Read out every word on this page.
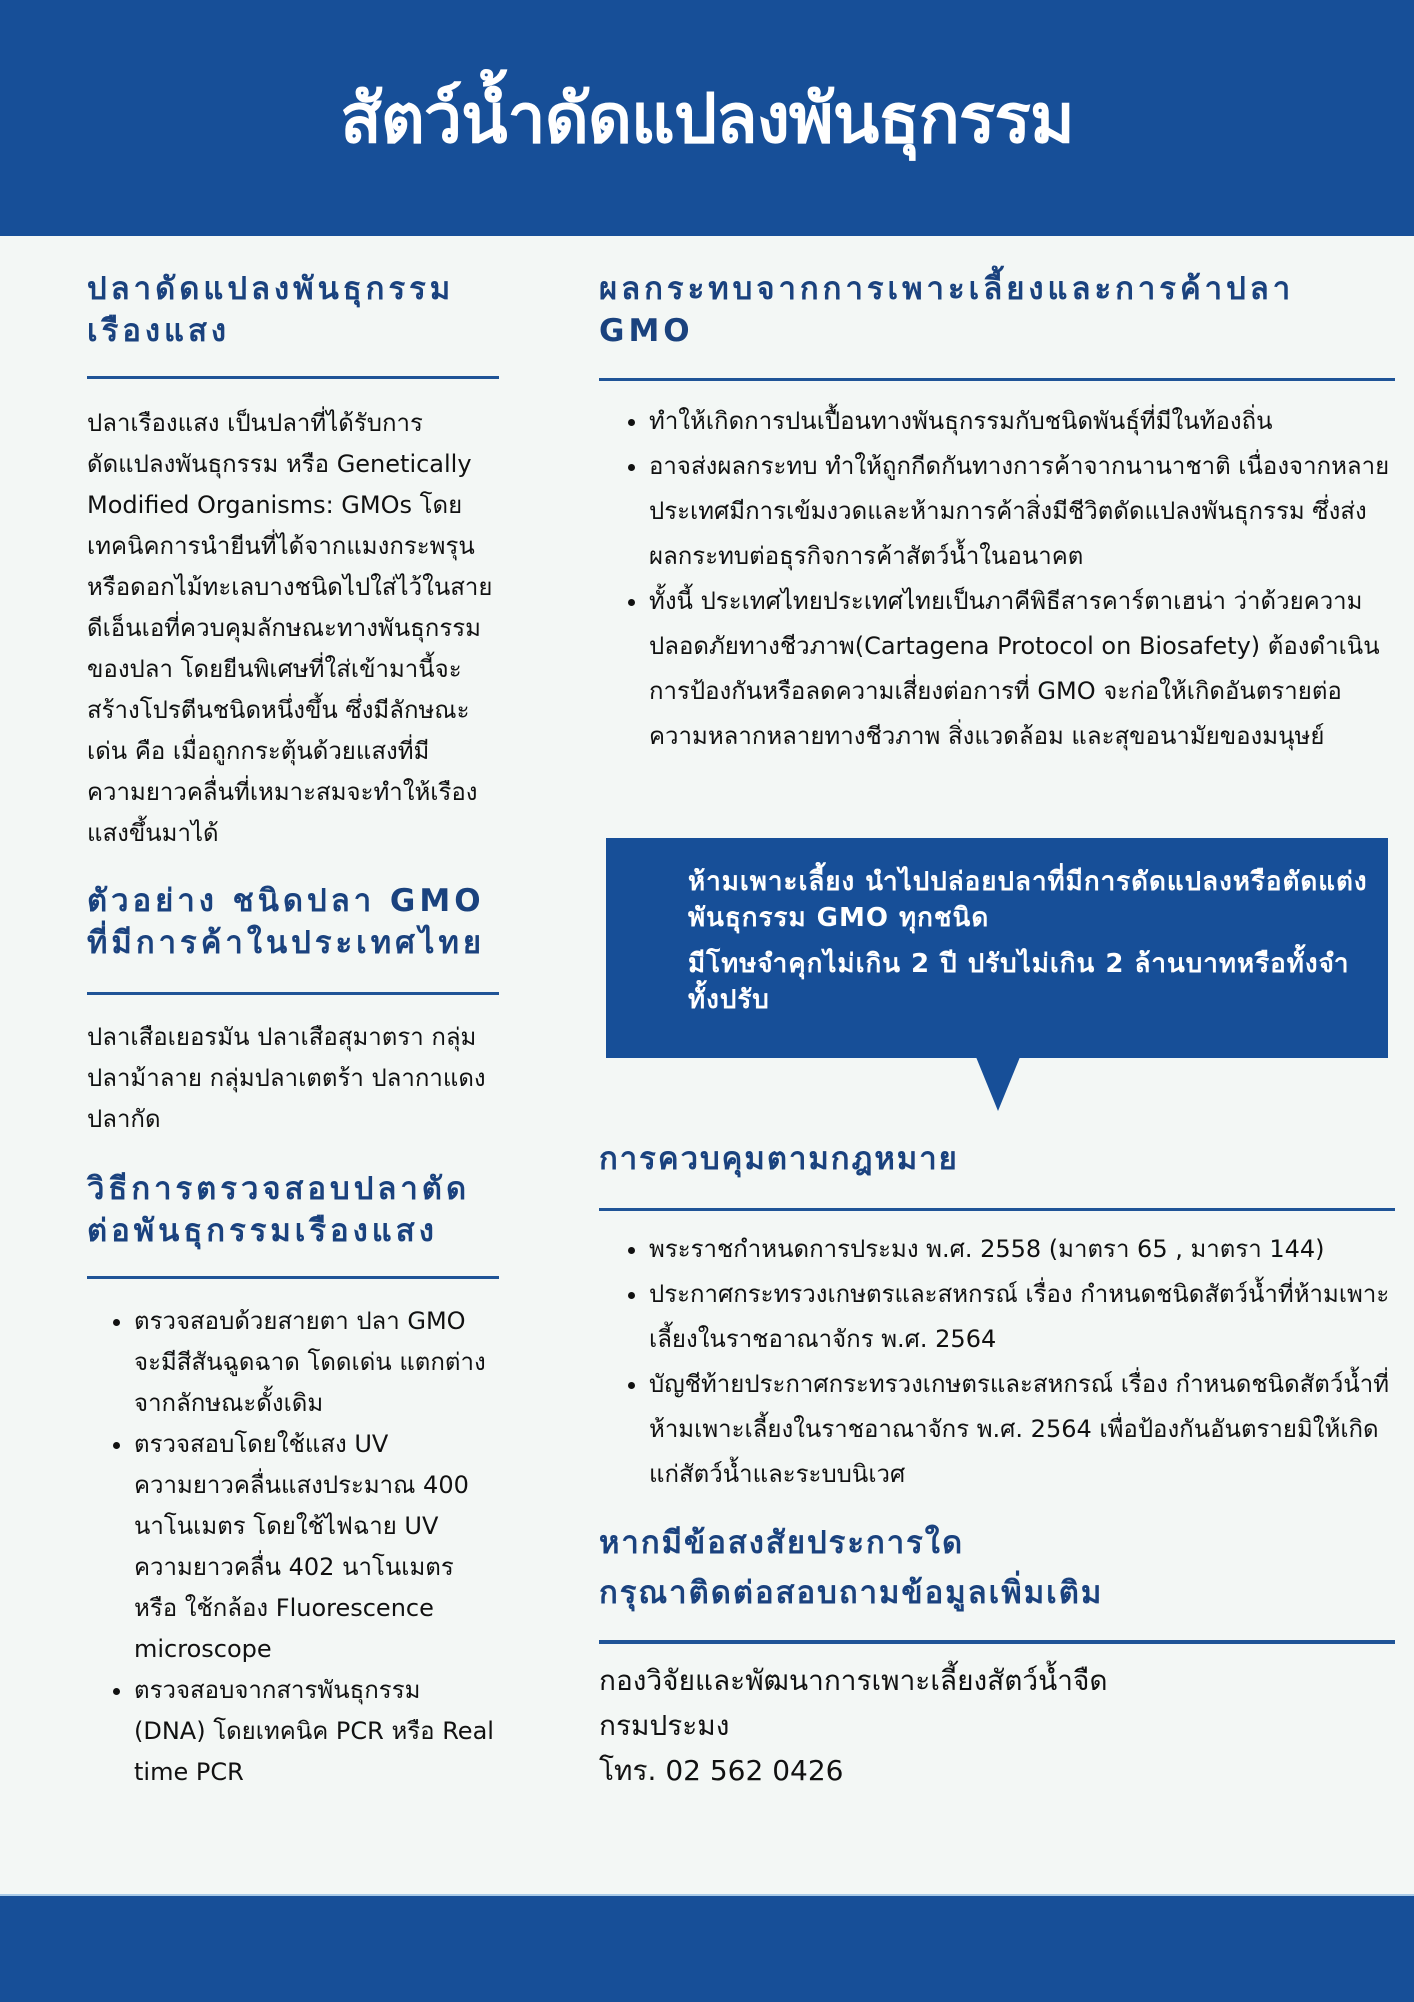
สัตว์น้ำดัดแปลงพันธุกรรม
ปลาดัดแปลงพันธุกรรม เรืองแสง

ปลาเรืองแสง เป็นปลาที่ได้รับการดัดแปลงพันธุกรรม หรือ Genetically Modified Organisms: GMOs โดยเทคนิคการนำยีนที่ได้จากแมงกระพรุนหรือดอกไม้ทะเลบางชนิดไปใส่ไว้ในสายดีเอ็นเอที่ควบคุมลักษณะทางพันธุกรรมของปลา โดยยีนพิเศษที่ใส่เข้ามานี้จะสร้างโปรตีนชนิดหนึ่งขึ้น ซึ่งมีลักษณะเด่น คือ เมื่อถูกกระตุ้นด้วยแสงที่มีความยาวคลื่นที่เหมาะสมจะทำให้เรืองแสงขึ้นมาได้

ตัวอย่าง ชนิดปลา GMO ที่มีการค้าในประเทศไทย

ปลาเสือเยอรมัน ปลาเสือสุมาตรา กลุ่มปลาม้าลาย กลุ่มปลาเตตร้า ปลากาแดง ปลากัด

วิธีการตรวจสอบปลาตัดต่อพันธุกรรมเรืองแสง
• ตรวจสอบด้วยสายตา ปลา GMO จะมีสีสันฉูดฉาด โดดเด่น แตกต่างจากลักษณะดั้งเดิม
• ตรวจสอบโดยใช้แสง UV ความยาวคลื่นแสงประมาณ 400 นาโนเมตร โดยใช้ไฟฉาย UV ความยาวคลื่น 402 นาโนเมตร หรือ ใช้กล้อง Fluorescence microscope
• ตรวจสอบจากสารพันธุกรรม (DNA) โดยเทคนิค PCR หรือ Real time PCR
ผลกระทบจากการเพาะเลี้ยงและการค้าปลา GMO
• ทำให้เกิดการปนเปื้อนทางพันธุกรรมกับชนิดพันธุ์ที่มีในท้องถิ่น
• อาจส่งผลกระทบ ทำให้ถูกกีดกันทางการค้าจากนานาชาติ เนื่องจากหลายประเทศมีการเข้มงวดและห้ามการค้าสิ่งมีชีวิตดัดแปลงพันธุกรรม ซึ่งส่งผลกระทบต่อธุรกิจการค้าสัตว์น้ำในอนาคต
• ทั้งนี้ ประเทศไทยประเทศไทยเป็นภาคีพิธีสารคาร์ตาเฮน่า ว่าด้วยความปลอดภัยทางชีวภาพ(Cartagena Protocol on Biosafety) ต้องดำเนินการป้องกันหรือลดความเสี่ยงต่อการที่ GMO จะก่อให้เกิดอันตรายต่อความหลากหลายทางชีวภาพ สิ่งแวดล้อม และสุขอนามัยของมนุษย์

ห้ามเพาะเลี้ยง นำไปปล่อยปลาที่มีการดัดแปลงหรือตัดแต่งพันธุกรรม GMO ทุกชนิด

มีโทษจำคุกไม่เกิน 2 ปี ปรับไม่เกิน 2 ล้านบาทหรือทั้งจำทั้งปรับ

การควบคุมตามกฎหมาย
• พระราชกำหนดการประมง พ.ศ. 2558 (มาตรา 65 , มาตรา 144)
• ประกาศกระทรวงเกษตรและสหกรณ์ เรื่อง กำหนดชนิดสัตว์น้ำที่ห้ามเพาะเลี้ยงในราชอาณาจักร พ.ศ. 2564
• บัญชีท้ายประกาศกระทรวงเกษตรและสหกรณ์ เรื่อง กำหนดชนิดสัตว์น้ำที่ห้ามเพาะเลี้ยงในราชอาณาจักร พ.ศ. 2564 เพื่อป้องกันอันตรายมิให้เกิดแก่สัตว์น้ำและระบบนิเวศ
หากมีข้อสงสัยประการใด
กรุณาติดต่อสอบถามข้อมูลเพิ่มเติม

กองวิจัยและพัฒนาการเพาะเลี้ยงสัตว์น้ำจืด

กรมประมง

โทร. 02 562 0426
